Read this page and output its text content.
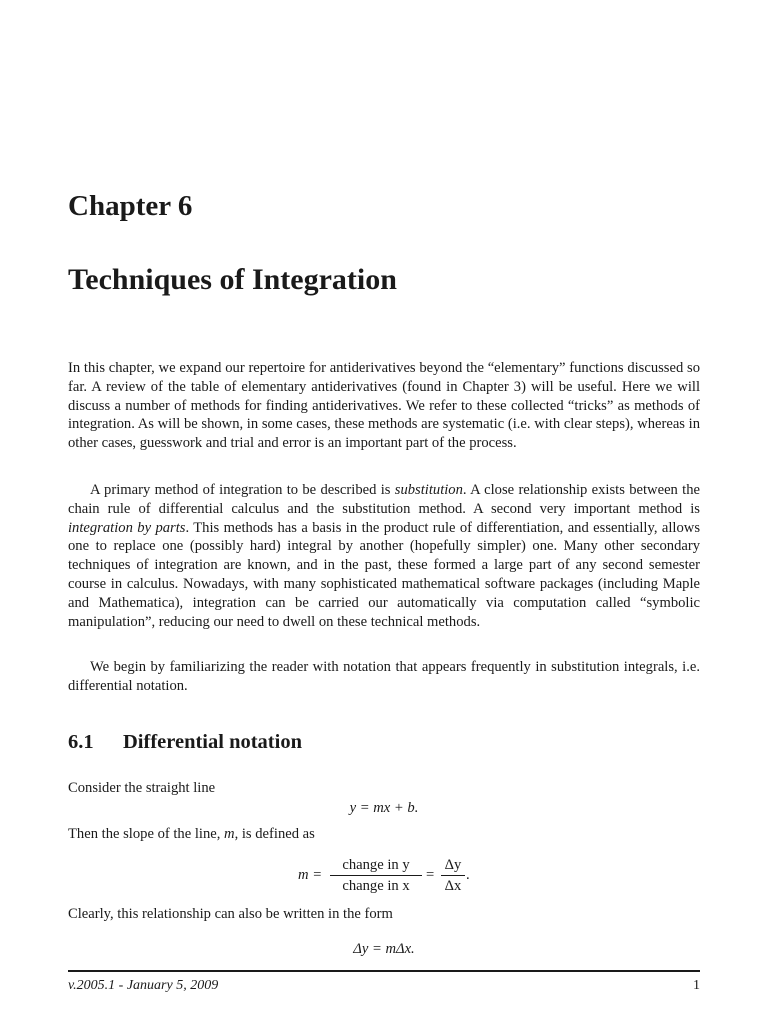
Chapter 6
Techniques of Integration

In this chapter, we expand our repertoire for antiderivatives beyond the “elementary” functions discussed so far. A review of the table of elementary antiderivatives (found in Chapter 3) will be useful. Here we will discuss a number of methods for finding antiderivatives. We refer to these collected “tricks” as methods of integration. As will be shown, in some cases, these methods are systematic (i.e. with clear steps), whereas in other cases, guesswork and trial and error is an important part of the process.

A primary method of integration to be described is substitution. A close relationship exists between the chain rule of differential calculus and the substitution method. A second very important method is integration by parts. This methods has a basis in the product rule of differentiation, and essentially, allows one to replace one (possibly hard) integral by another (hopefully simpler) one. Many other secondary techniques of integration are known, and in the past, these formed a large part of any second semester course in calculus. Nowadays, with many sophisticated mathematical software packages (including Maple and Mathematica), integration can be carried our automatically via computation called “symbolic manipulation”, reducing our need to dwell on these technical methods.

We begin by familiarizing the reader with notation that appears frequently in substitution integrals, i.e. differential notation.

6.1 Differential notation
Consider the straight line
y = mx + b.
Then the slope of the line, m, is defined as
m =
change in y
change in x
=
Δy
Δx
.
Clearly, this relationship can also be written in the form
Δy = mΔx.
v.2005.1 - January 5, 2009	1
